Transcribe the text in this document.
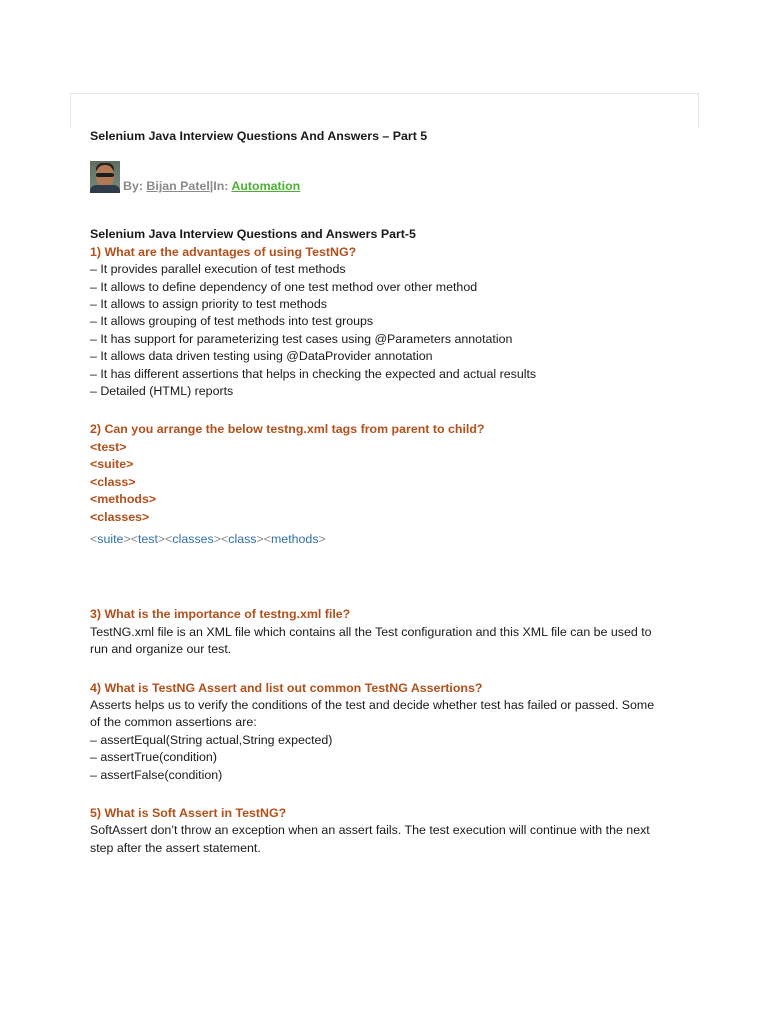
Selenium Java Interview Questions And Answers – Part 5

By: Bijan Patel|In: Automation
Selenium Java Interview Questions and Answers Part-5
1) What are the advantages of using TestNG?

– It provides parallel execution of test methods

– It allows to define dependency of one test method over other method

– It allows to assign priority to test methods

– It allows grouping of test methods into test groups

– It has support for parameterizing test cases using @Parameters annotation

– It allows data driven testing using @DataProvider annotation

– It has different assertions that helps in checking the expected and actual results

– Detailed (HTML) reports

2) Can you arrange the below testng.xml tags from parent to child?

<test>

<suite>

<class>

<methods>

<classes>

<suite><test><classes><class><methods>
3) What is the importance of testng.xml file?

TestNG.xml file is an XML file which contains all the Test configuration and this XML file can be used to

run and organize our test.

4) What is TestNG Assert and list out common TestNG Assertions?

Asserts helps us to verify the conditions of the test and decide whether test has failed or passed. Some

of the common assertions are:

– assertEqual(String actual,String expected)

– assertTrue(condition)

– assertFalse(condition)

5) What is Soft Assert in TestNG?

SoftAssert don’t throw an exception when an assert fails. The test execution will continue with the next

step after the assert statement.
